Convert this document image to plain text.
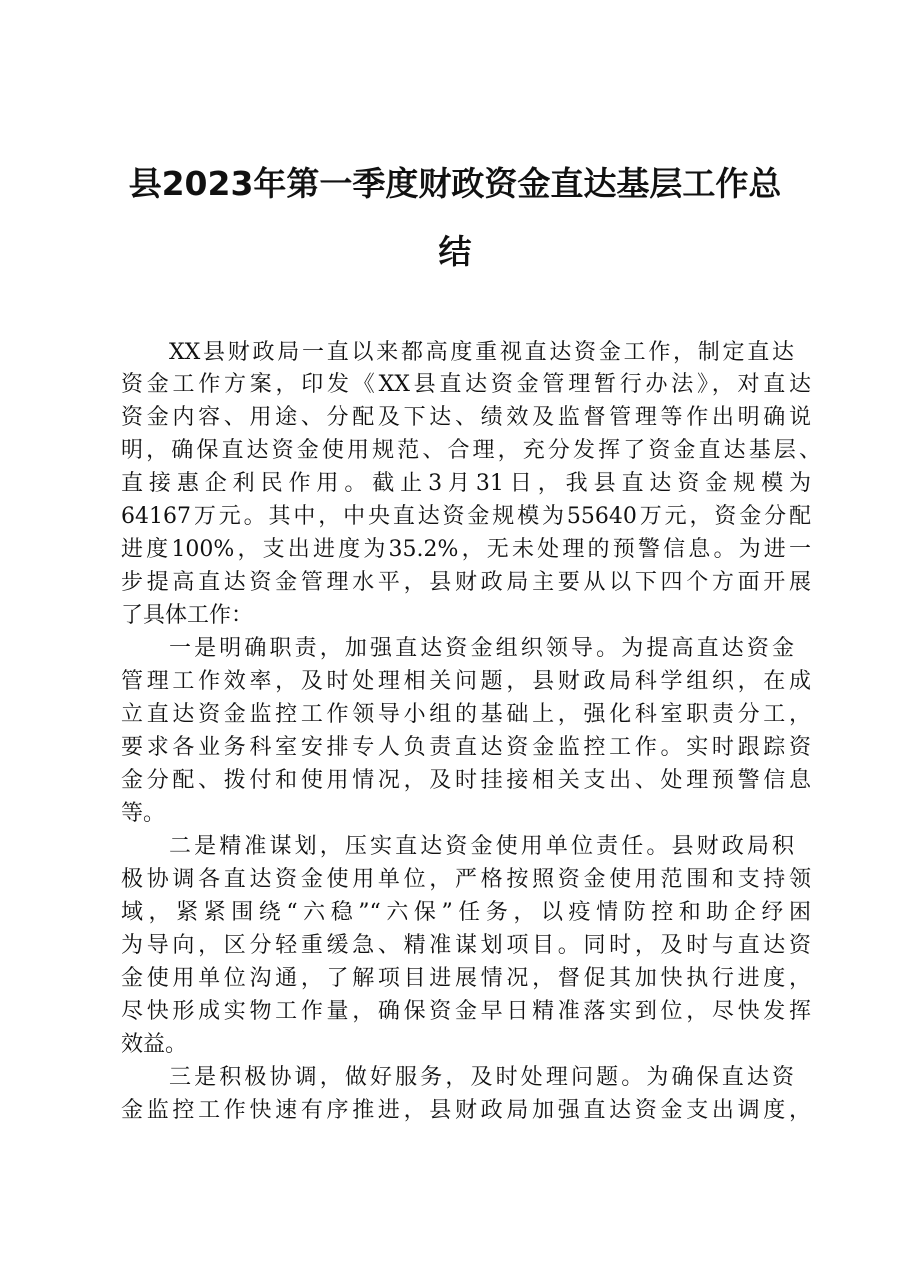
县2023年第一季度财政资金直达基层工作总
结
XX县财政局一直以来都高度重视直达资金工作，制定直达
资金工作方案，印发《XX县直达资金管理暂行办法》，对直达
资金内容、用途、分配及下达、绩效及监督管理等作出明确说
明，确保直达资金使用规范、合理，充分发挥了资金直达基层、
直接惠企利民作用。截止3月31日，我县直达资金规模为
64167万元。其中，中央直达资金规模为55640万元，资金分配
进度100%，支出进度为35.2%，无未处理的预警信息。为进一
步提高直达资金管理水平，县财政局主要从以下四个方面开展
了具体工作：
一是明确职责，加强直达资金组织领导。为提高直达资金
管理工作效率，及时处理相关问题，县财政局科学组织，在成
立直达资金监控工作领导小组的基础上，强化科室职责分工，
要求各业务科室安排专人负责直达资金监控工作。实时跟踪资
金分配、拨付和使用情况，及时挂接相关支出、处理预警信息
等。
二是精准谋划，压实直达资金使用单位责任。县财政局积
极协调各直达资金使用单位，严格按照资金使用范围和支持领
域，紧紧围绕“六稳”“六保”任务，以疫情防控和助企纾困
为导向，区分轻重缓急、精准谋划项目。同时，及时与直达资
金使用单位沟通，了解项目进展情况，督促其加快执行进度，
尽快形成实物工作量，确保资金早日精准落实到位，尽快发挥
效益。
三是积极协调，做好服务，及时处理问题。为确保直达资
金监控工作快速有序推进，县财政局加强直达资金支出调度，
